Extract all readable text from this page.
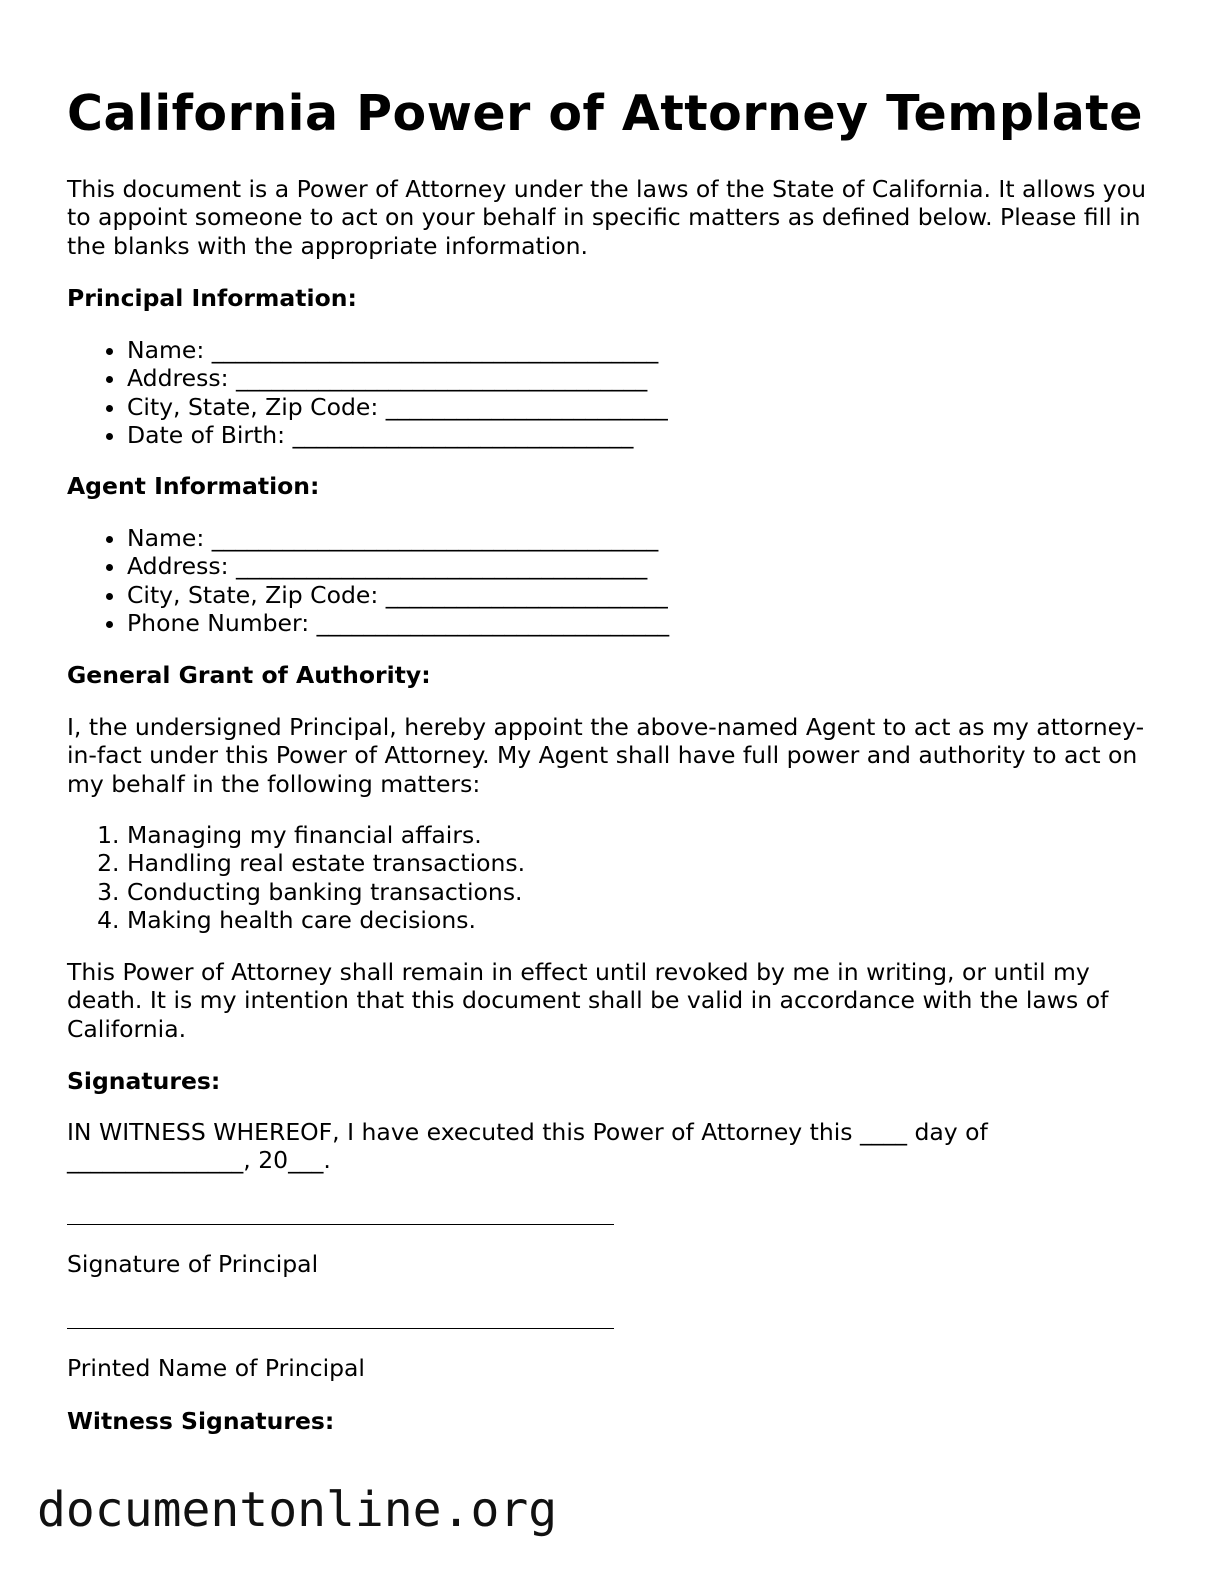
California Power of Attorney Template

This document is a Power of Attorney under the laws of the State of California. It allows you to appoint someone to act on your behalf in specific matters as defined below. Please fill in the blanks with the appropriate information.

Principal Information:
• Name: ______________________________________
• Address: ___________________________________
• City, State, Zip Code: ________________________
• Date of Birth: _____________________________
Agent Information:
• Name: ______________________________________
• Address: ___________________________________
• City, State, Zip Code: ________________________
• Phone Number: ______________________________
General Grant of Authority:

I, the undersigned Principal, hereby appoint the above-named Agent to act as my attorney-in-fact under this Power of Attorney. My Agent shall have full power and authority to act on my behalf in the following matters:

1. Managing my financial affairs.
2. Handling real estate transactions.
3. Conducting banking transactions.
4. Making health care decisions.

This Power of Attorney shall remain in effect until revoked by me in writing, or until my death. It is my intention that this document shall be valid in accordance with the laws of California.

Signatures:

IN WITNESS WHEREOF, I have executed this Power of Attorney this ____ day of _______________, 20___.

Signature of Principal
Printed Name of Principal
Witness Signatures:
documentonline.org
